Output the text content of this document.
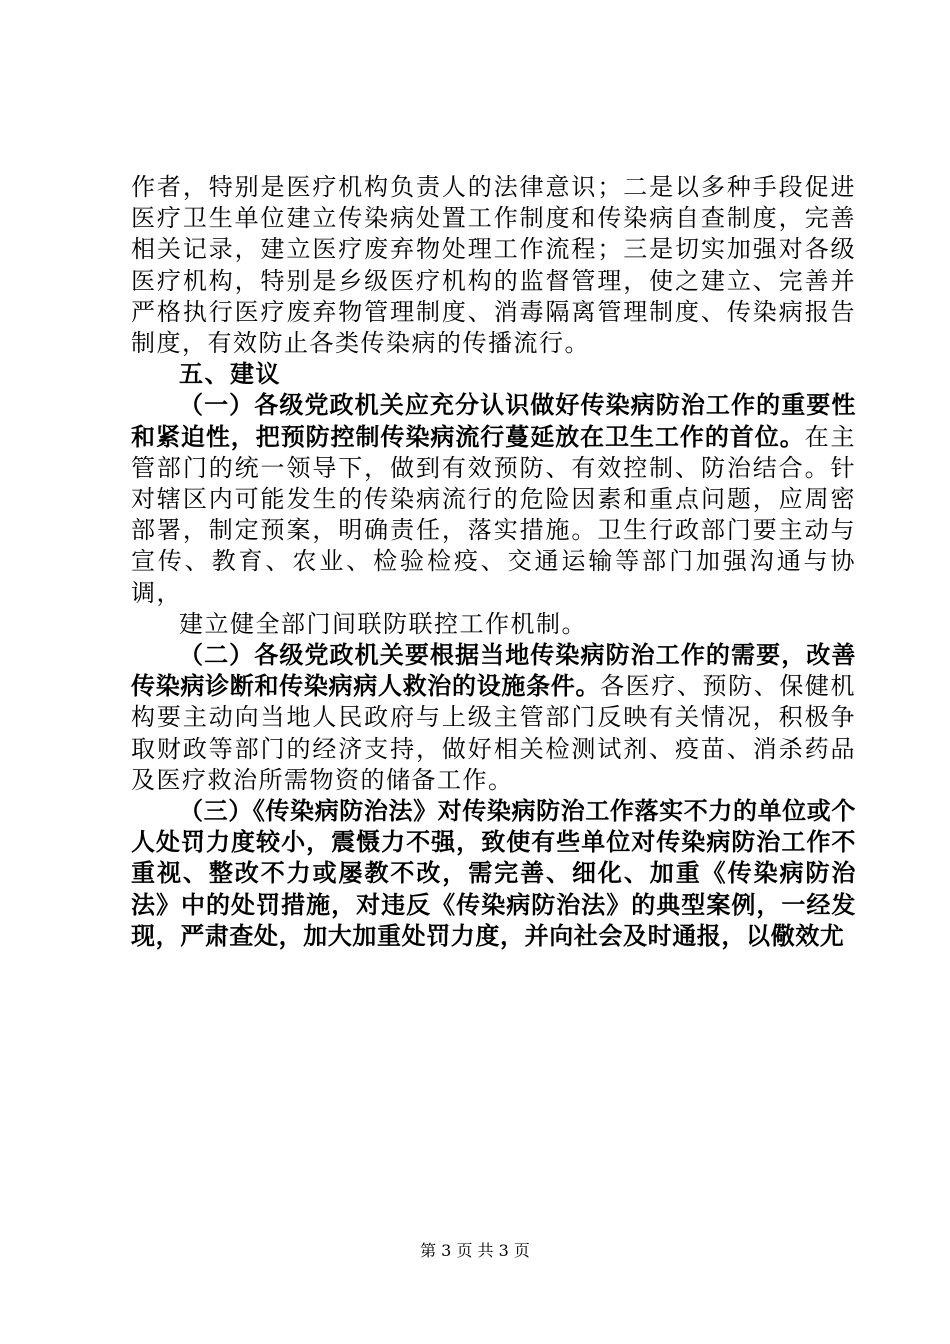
作者，特别是医疗机构负责人的法律意识；二是以多种手段促进医疗卫生单位建立传染病处置工作制度和传染病自查制度，完善相关记录，建立医疗废弃物处理工作流程；三是切实加强对各级医疗机构，特别是乡级医疗机构的监督管理，使之建立、完善并严格执行医疗废弃物管理制度、消毒隔离管理制度、传染病报告制度，有效防止各类传染病的传播流行。

五、建议

（一）各级党政机关应充分认识做好传染病防治工作的重要性和紧迫性，把预防控制传染病流行蔓延放在卫生工作的首位。在主管部门的统一领导下，做到有效预防、有效控制、防治结合。针对辖区内可能发生的传染病流行的危险因素和重点问题，应周密部署，制定预案，明确责任，落实措施。卫生行政部门要主动与宣传、教育、农业、检验检疫、交通运输等部门加强沟通与协调，

建立健全部门间联防联控工作机制。

（二）各级党政机关要根据当地传染病防治工作的需要，改善传染病诊断和传染病病人救治的设施条件。各医疗、预防、保健机构要主动向当地人民政府与上级主管部门反映有关情况，积极争取财政等部门的经济支持，做好相关检测试剂、疫苗、消杀药品及医疗救治所需物资的储备工作。

（三）《传染病防治法》对传染病防治工作落实不力的单位或个人处罚力度较小，震慑力不强，致使有些单位对传染病防治工作不重视、整改不力或屡教不改，需完善、细化、加重《传染病防治法》中的处罚措施，对违反《传染病防治法》的典型案例，一经发现，严肃查处，加大加重处罚力度，并向社会及时通报，以儆效尤

第 3 页 共 3 页
